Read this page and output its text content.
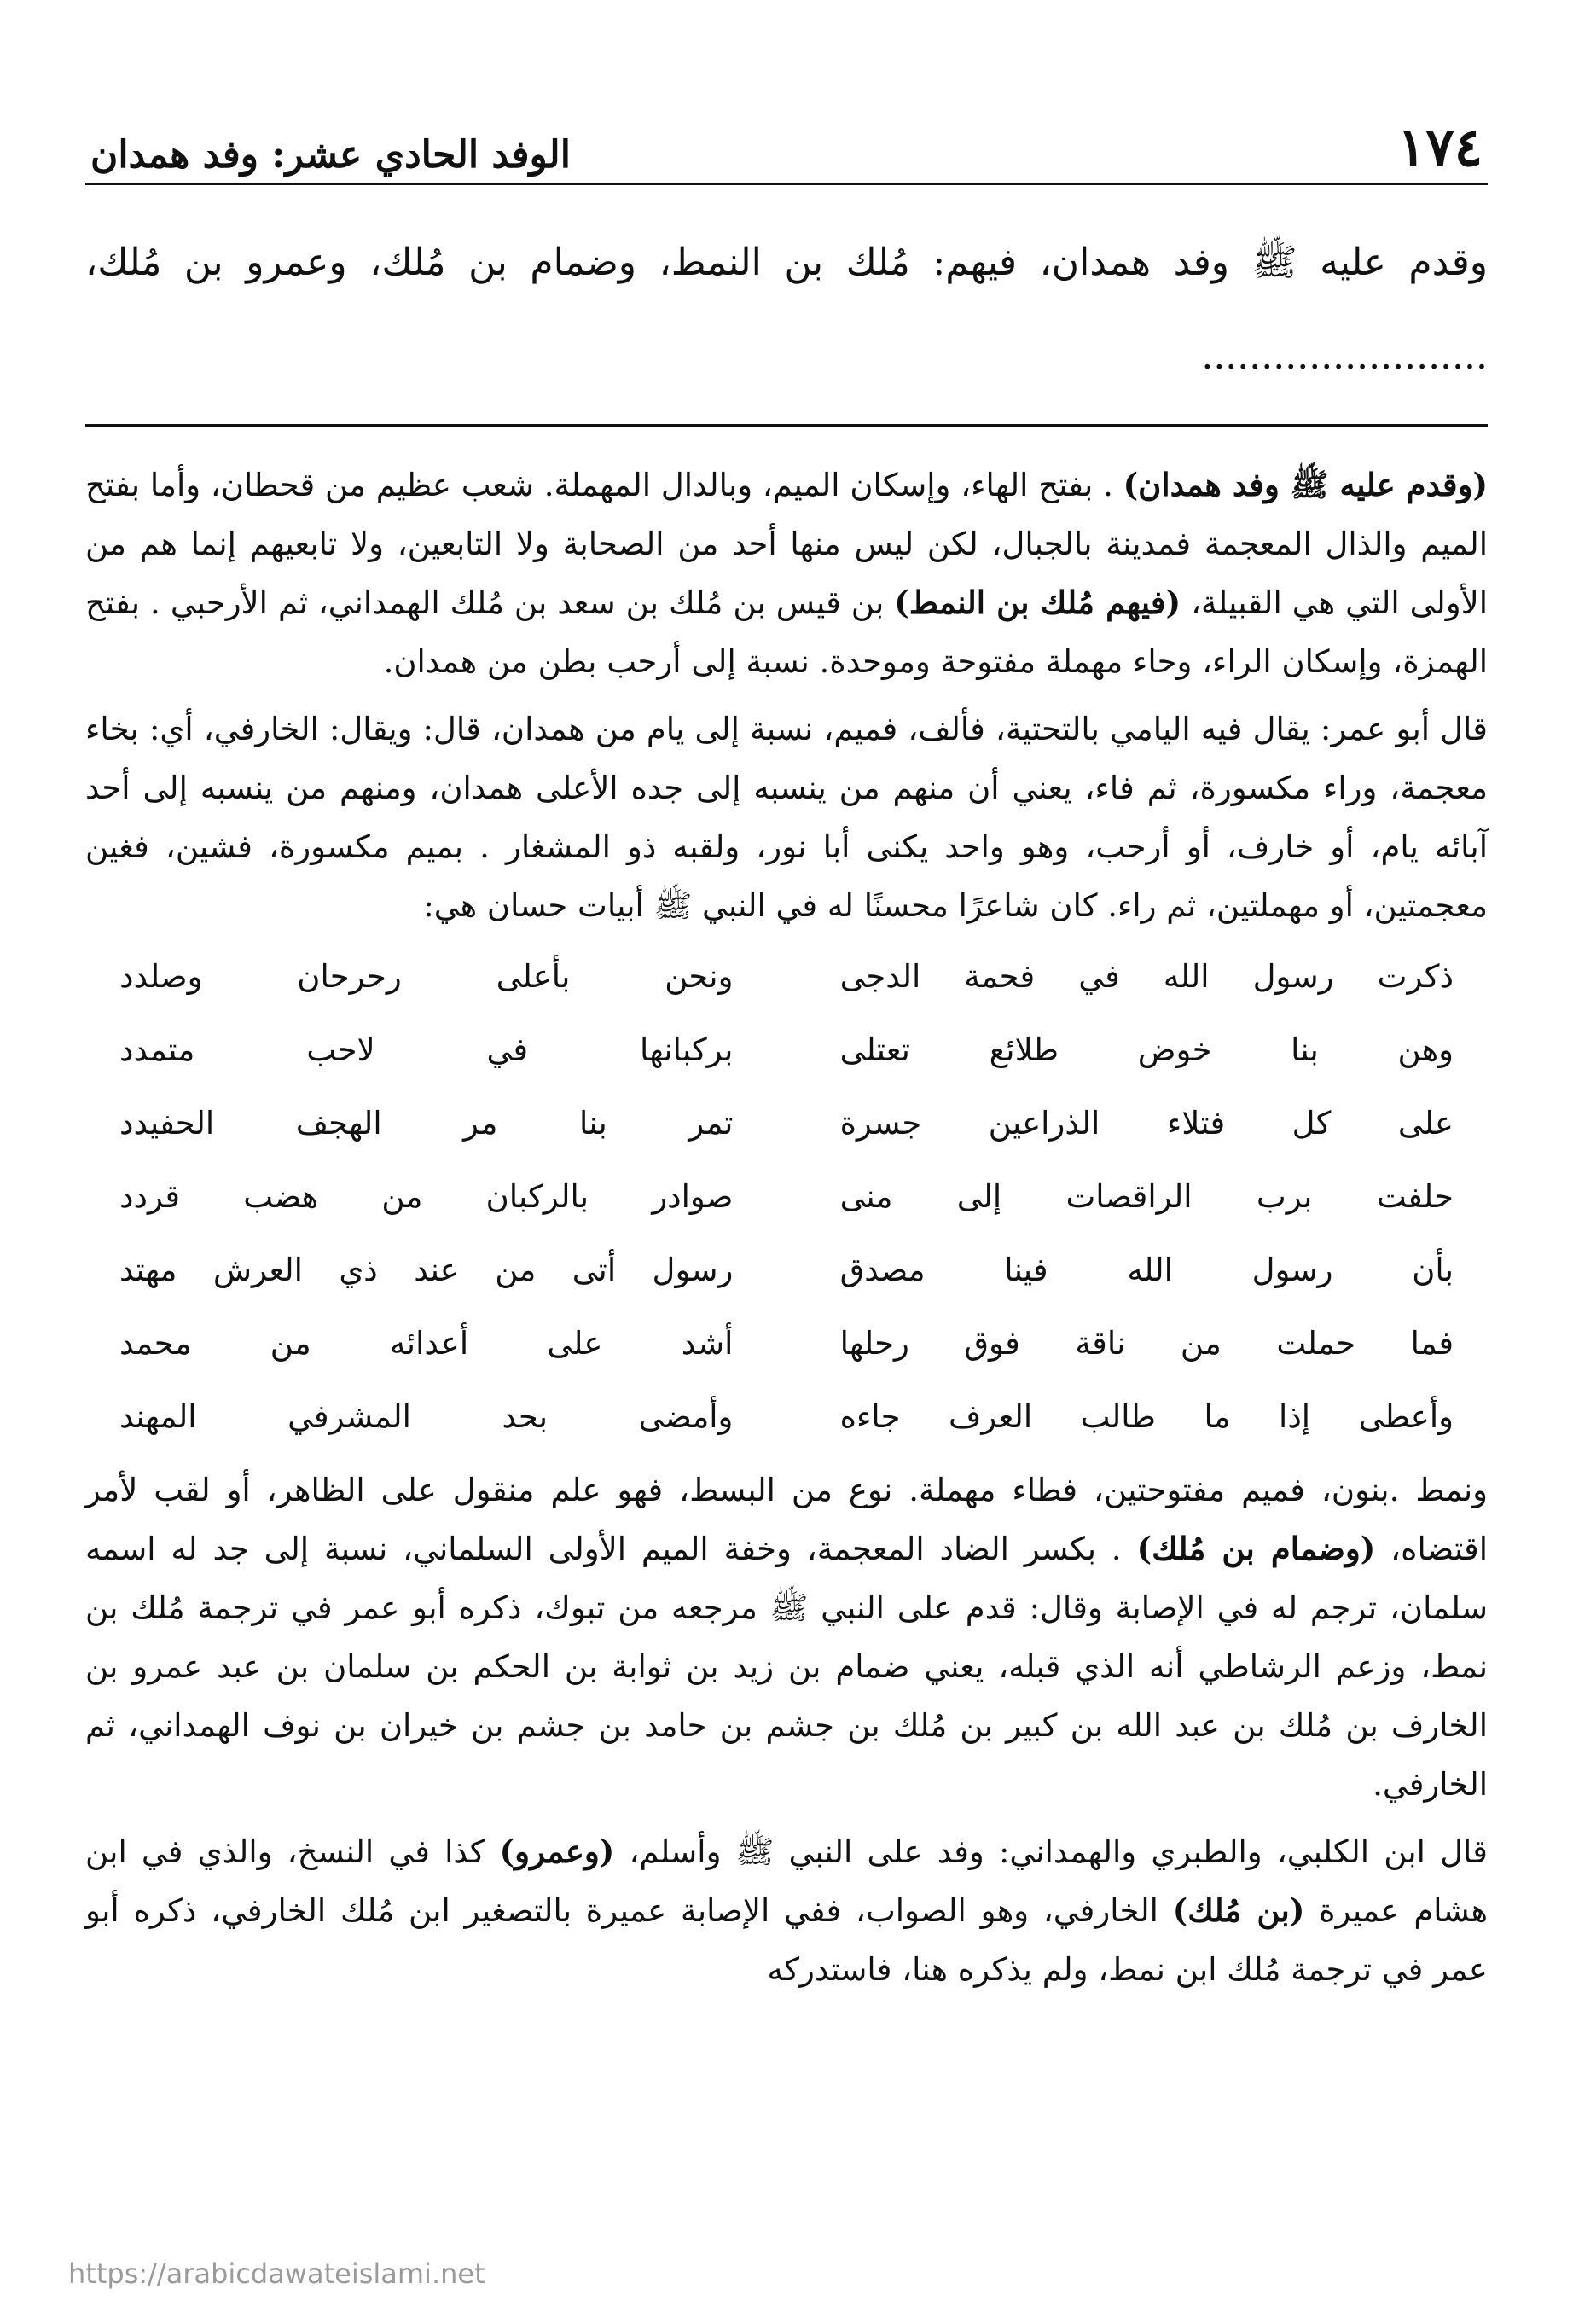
١٧٤
الوفد الحادي عشر: وفد همدان
وقدم عليه ﷺ وفد همدان، فيهم: مُلك بن النمط، وضمام بن مُلك، وعمرو بن مُلك، ........................

(وقدم عليه ﷺ وفد همدان) . بفتح الهاء، وإسكان الميم، وبالدال المهملة. شعب عظيم من قحطان، وأما بفتح الميم والذال المعجمة فمدينة بالجبال، لكن ليس منها أحد من الصحابة ولا التابعين، ولا تابعيهم إنما هم من الأولى التي هي القبيلة، (فيهم مُلك بن النمط) بن قيس بن مُلك بن سعد بن مُلك الهمداني، ثم الأرحبي . بفتح الهمزة، وإسكان الراء، وحاء مهملة مفتوحة وموحدة. نسبة إلى أرحب بطن من همدان.

قال أبو عمر: يقال فيه اليامي بالتحتية، فألف، فميم، نسبة إلى يام من همدان، قال: ويقال: الخارفي، أي: بخاء معجمة، وراء مكسورة، ثم فاء، يعني أن منهم من ينسبه إلى جده الأعلى همدان، ومنهم من ينسبه إلى أحد آبائه يام، أو خارف، أو أرحب، وهو واحد يكنى أبا نور، ولقبه ذو المشغار . بميم مكسورة، فشين، فغين معجمتين، أو مهملتين، ثم راء. كان شاعرًا محسنًا له في النبي ﷺ أبيات حسان هي:

ذكرت رسول الله في فحمة الدجى
ونحن بأعلى رحرحان وصلدد
وهن بنا خوض طلائع تعتلى
بركبانها في لاحب متمدد
على كل فتلاء الذراعين جسرة
تمر بنا مر الهجف الحفيدد
حلفت برب الراقصات إلى منى
صوادر بالركبان من هضب قردد
بأن رسول الله فينا مصدق
رسول أتى من عند ذي العرش مهتد
فما حملت من ناقة فوق رحلها
أشد على أعدائه من محمد
وأعطى إذا ما طالب العرف جاءه
وأمضى بحد المشرفي المهند

ونمط .بنون، فميم مفتوحتين، فطاء مهملة. نوع من البسط، فهو علم منقول على الظاهر، أو لقب لأمر اقتضاه، (وضمام بن مُلك) . بكسر الضاد المعجمة، وخفة الميم الأولى السلماني، نسبة إلى جد له اسمه سلمان، ترجم له في الإصابة وقال: قدم على النبي ﷺ مرجعه من تبوك، ذكره أبو عمر في ترجمة مُلك بن نمط، وزعم الرشاطي أنه الذي قبله، يعني ضمام بن زيد بن ثوابة بن الحكم بن سلمان بن عبد عمرو بن الخارف بن مُلك بن عبد الله بن كبير بن مُلك بن جشم بن حامد بن جشم بن خيران بن نوف الهمداني، ثم الخارفي.

قال ابن الكلبي، والطبري والهمداني: وفد على النبي ﷺ وأسلم، (وعمرو) كذا في النسخ، والذي في ابن هشام عميرة (بن مُلك) الخارفي، وهو الصواب، ففي الإصابة عميرة بالتصغير ابن مُلك الخارفي، ذكره أبو عمر في ترجمة مُلك ابن نمط، ولم يذكره هنا، فاستدركه

https://arabicdawateislami.net
